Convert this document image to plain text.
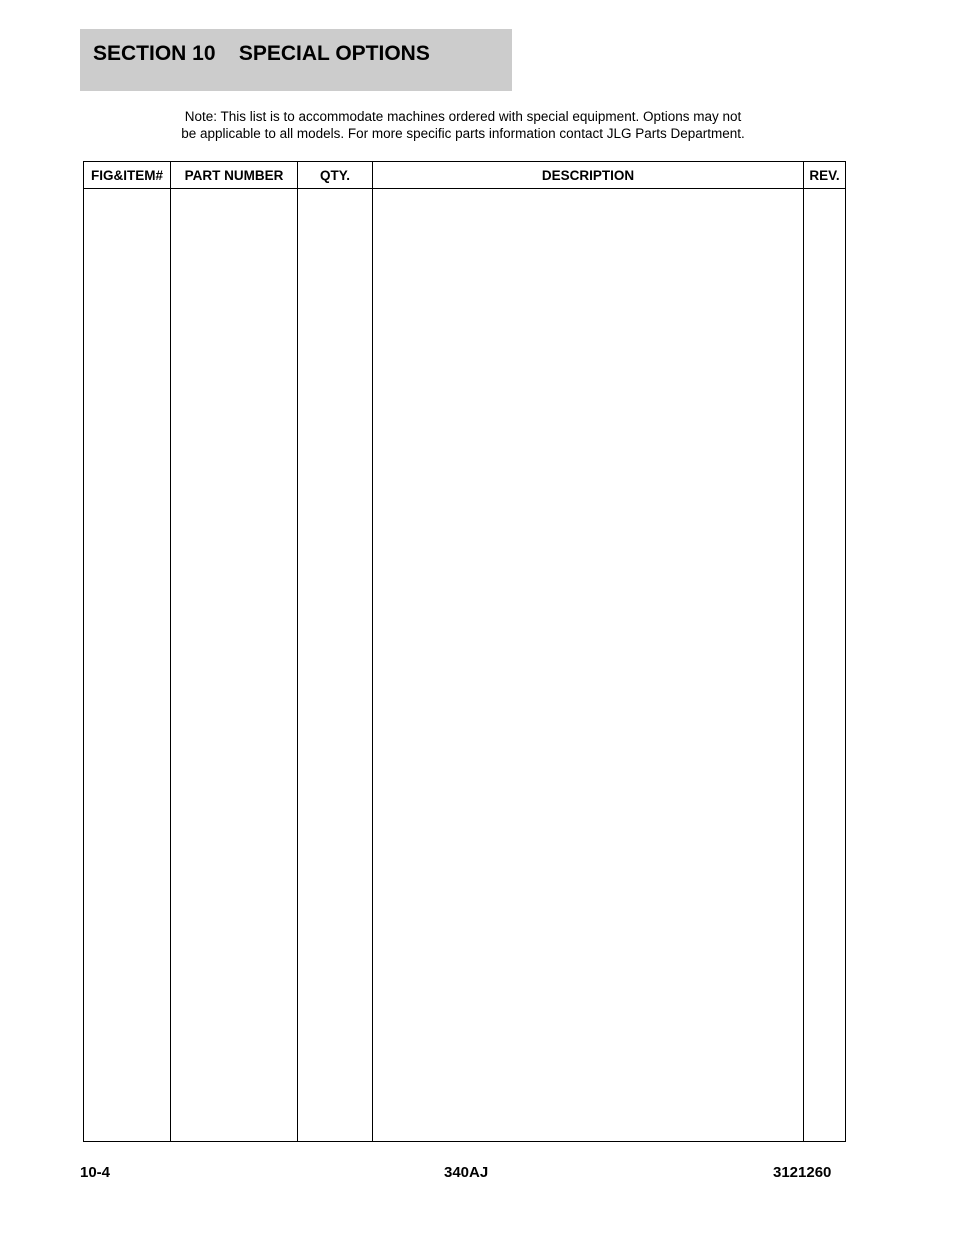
SECTION 10    SPECIAL OPTIONS
Note: This list is to accommodate machines ordered with special equipment. Options may not
be applicable to all models. For more specific parts information contact JLG Parts Department.
FIG&ITEM#	PART NUMBER	QTY.	DESCRIPTION	REV.

10-4	340AJ	3121260
